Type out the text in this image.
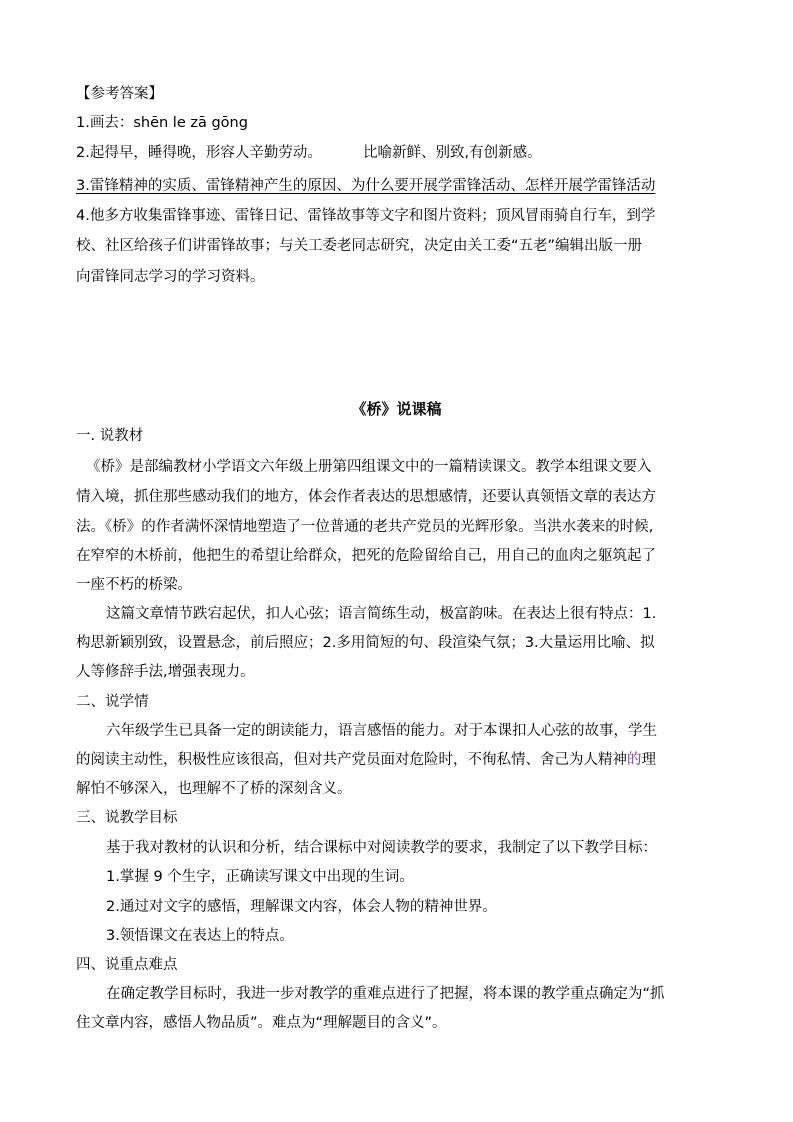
【参考答案】
1.画去：shēn le zā gōng
2.起得早，睡得晚，形容人辛勤劳动。	比喻新鲜、别致,有创新感。
3.雷锋精神的实质、雷锋精神产生的原因、为什么要开展学雷锋活动、怎样开展学雷锋活动
4.他多方收集雷锋事迹、雷锋日记、雷锋故事等文字和图片资料；顶风冒雨骑自行车，到学
校、社区给孩子们讲雷锋故事；与关工委老同志研究，决定由关工委“五老”编辑出版一册
向雷锋同志学习的学习资料。
《桥》说课稿
一. 说教材
《桥》是部编教材小学语文六年级上册第四组课文中的一篇精读课文。教学本组课文要入
情入境，抓住那些感动我们的地方，体会作者表达的思想感情，还要认真领悟文章的表达方
法。《桥》的作者满怀深情地塑造了一位普通的老共产党员的光辉形象。当洪水袭来的时候,
在窄窄的木桥前，他把生的希望让给群众，把死的危险留给自己，用自己的血肉之躯筑起了
一座不朽的桥梁。
这篇文章情节跌宕起伏，扣人心弦；语言简练生动，极富韵味。在表达上很有特点：1.
构思新颖别致，设置悬念，前后照应；2.多用简短的句、段渲染气氛；3.大量运用比喻、拟
人等修辞手法,增强表现力。
二、说学情
六年级学生已具备一定的朗读能力，语言感悟的能力。对于本课扣人心弦的故事，学生
的阅读主动性，积极性应该很高，但对共产党员面对危险时，不徇私情、舍己为人精神的理
解怕不够深入，也理解不了桥的深刻含义。
三、说教学目标
基于我对教材的认识和分析，结合课标中对阅读教学的要求，我制定了以下教学目标：
1.掌握 9 个生字，正确读写课文中出现的生词。
2.通过对文字的感悟，理解课文内容，体会人物的精神世界。
3.领悟课文在表达上的特点。
四、说重点难点
在确定教学目标时，我进一步对教学的重难点进行了把握，将本课的教学重点确定为“抓
住文章内容，感悟人物品质”。难点为“理解题目的含义”。
